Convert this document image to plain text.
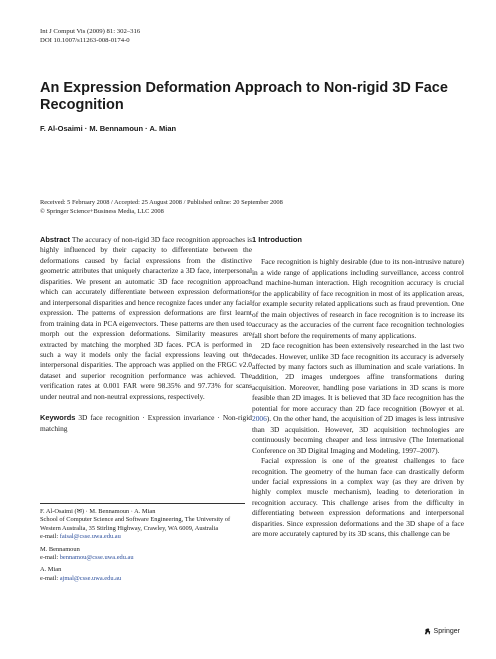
Int J Comput Vis (2009) 81: 302–316
DOI 10.1007/s11263-008-0174-0
An Expression Deformation Approach to Non-rigid 3D Face Recognition
F. Al-Osaimi · M. Bennamoun · A. Mian
Received: 5 February 2008 / Accepted: 25 August 2008 / Published online: 20 September 2008
© Springer Science+Business Media, LLC 2008

Abstract The accuracy of non-rigid 3D face recognition approaches is highly influenced by their capacity to differentiate between the deformations caused by facial expressions from the distinctive geometric attributes that uniquely characterize a 3D face, interpersonal disparities. We present an automatic 3D face recognition approach which can accurately differentiate between expression deformations and interpersonal disparities and hence recognize faces under any facial expression. The patterns of expression deformations are first learnt from training data in PCA eigenvectors. These patterns are then used to morph out the expression deformations. Similarity measures are extracted by matching the morphed 3D faces. PCA is performed in such a way it models only the facial expressions leaving out the interpersonal disparities. The approach was applied on the FRGC v2.0 dataset and superior recognition performance was achieved. The verification rates at 0.001 FAR were 98.35% and 97.73% for scans under neutral and non-neutral expressions, respectively.

Keywords 3D face recognition · Expression invariance · Non-rigid matching

F. Al-Osaimi (✉) · M. Bennamoun · A. Mian

School of Computer Science and Software Engineering, The University of Western Australia, 35 Stirling Highway, Crawley, WA 6009, Australia

e-mail: faisal@csse.uwa.edu.au

M. Bennamoun

e-mail: bennamou@csse.uwa.edu.au

A. Mian

e-mail: ajmal@csse.uwa.edu.au

1 Introduction

Face recognition is highly desirable (due to its non-intrusive nature) in a wide range of applications including surveillance, access control and machine-human interaction. High recognition accuracy is crucial for the applicability of face recognition in most of its application areas, for example security related applications such as fraud prevention. One of the main objectives of research in face recognition is to increase its accuracy as the accuracies of the current face recognition technologies fall short before the requirements of many applications.

2D face recognition has been extensively researched in the last two decades. However, unlike 3D face recognition its accuracy is adversely affected by many factors such as illumination and scale variations. In addition, 2D images undergoes affine transformations during acquisition. Moreover, handling pose variations in 3D scans is more feasible than 2D images. It is believed that 3D face recognition has the potential for more accuracy than 2D face recognition (Bowyer et al. 2006). On the other hand, the acquisition of 2D images is less intrusive than 3D acquisition. However, 3D acquisition technologies are continuously becoming cheaper and less intrusive (The International Conference on 3D Digital Imaging and Modeling, 1997–2007).

Facial expression is one of the greatest challenges to face recognition. The geometry of the human face can drastically deform under facial expressions in a complex way (as they are driven by highly complex muscle mechanism), leading to deterioration in recognition accuracy. This challenge arises from the difficulty in differentiating between expression deformations and interpersonal disparities. Since expression deformations and the 3D shape of a face are more accurately captured by its 3D scans, this challenge can be

Springer
